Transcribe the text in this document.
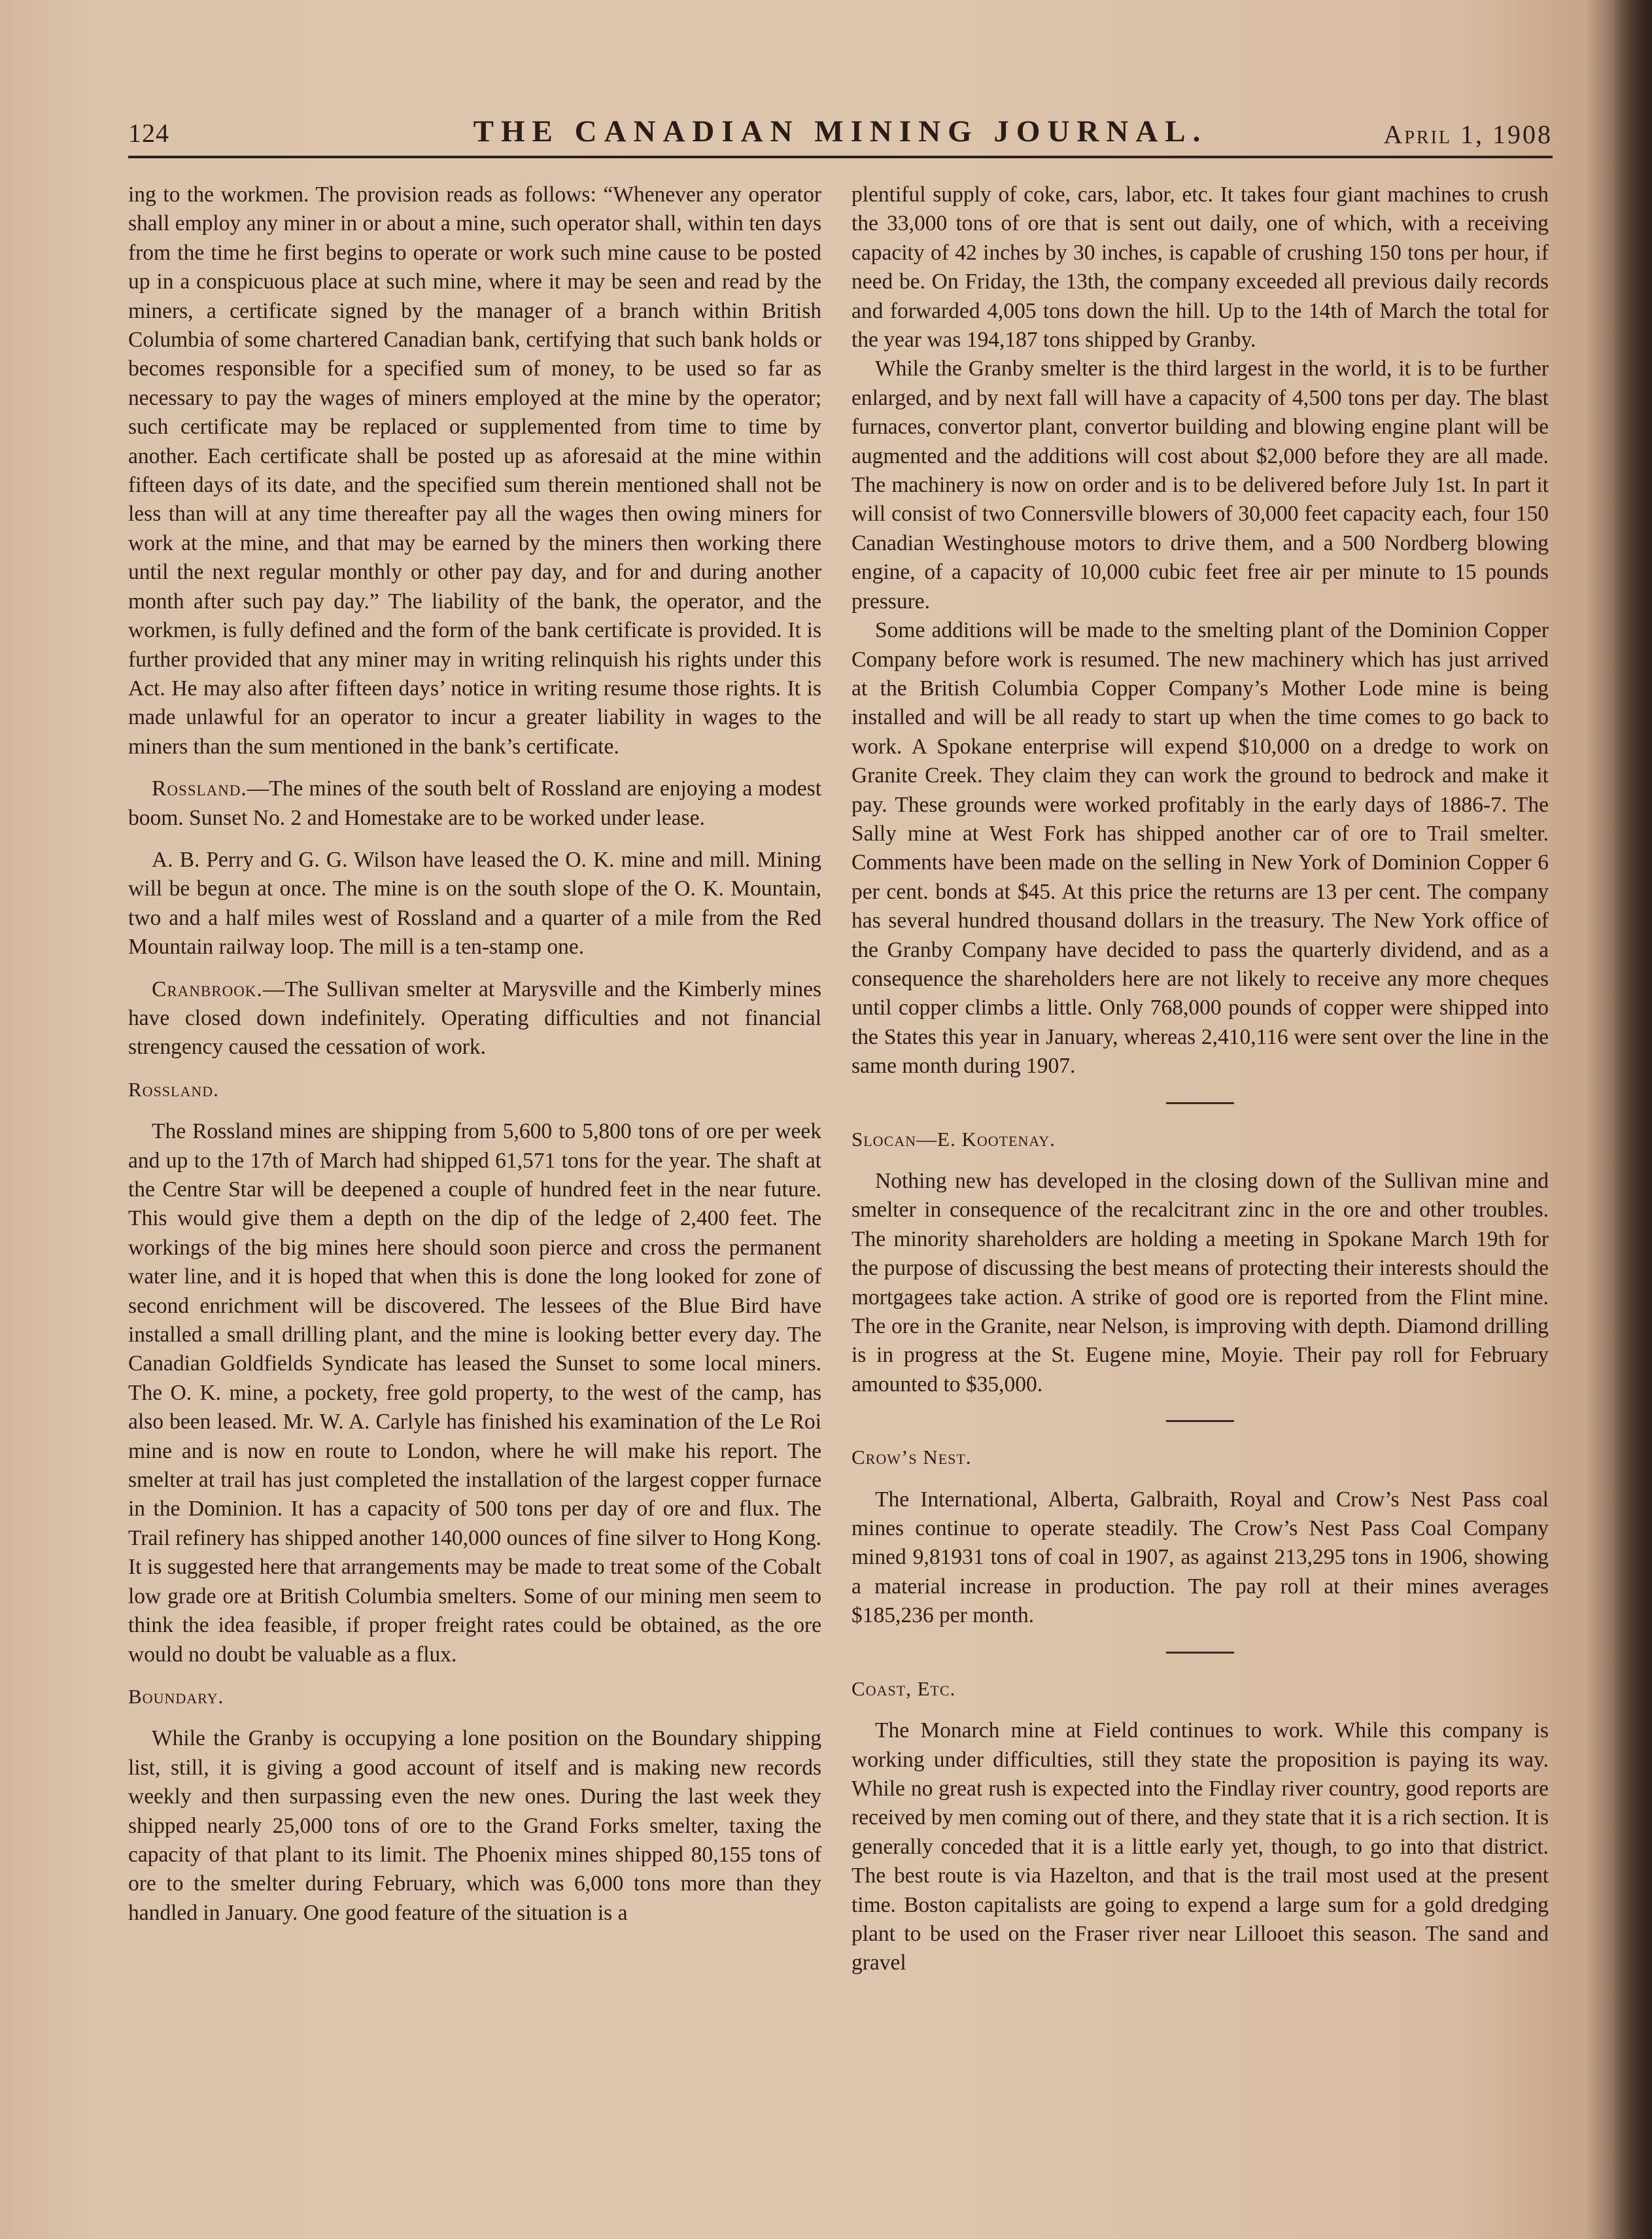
124	THE CANADIAN MINING JOURNAL.	April 1, 1908

ing to the workmen. The provision reads as follows: “Whenever any operator shall employ any miner in or about a mine, such operator shall, within ten days from the time he first begins to operate or work such mine cause to be posted up in a conspicuous place at such mine, where it may be seen and read by the miners, a certificate signed by the manager of a branch within British Columbia of some chartered Canadian bank, certifying that such bank holds or becomes responsible for a specified sum of money, to be used so far as necessary to pay the wages of miners employed at the mine by the operator; such certificate may be replaced or supplemented from time to time by another. Each certificate shall be posted up as aforesaid at the mine within fifteen days of its date, and the specified sum therein mentioned shall not be less than will at any time thereafter pay all the wages then owing miners for work at the mine, and that may be earned by the miners then working there until the next regular monthly or other pay day, and for and during another month after such pay day.” The liability of the bank, the operator, and the workmen, is fully defined and the form of the bank certificate is provided. It is further provided that any miner may in writing relinquish his rights under this Act. He may also after fifteen days’ notice in writing resume those rights. It is made unlawful for an operator to incur a greater liability in wages to the miners than the sum mentioned in the bank’s certificate.

Rossland.—The mines of the south belt of Rossland are enjoying a modest boom. Sunset No. 2 and Homestake are to be worked under lease.

A. B. Perry and G. G. Wilson have leased the O. K. mine and mill. Mining will be begun at once. The mine is on the south slope of the O. K. Mountain, two and a half miles west of Rossland and a quarter of a mile from the Red Mountain railway loop. The mill is a ten-stamp one.

Cranbrook.—The Sullivan smelter at Marysville and the Kimberly mines have closed down indefinitely. Operating difficulties and not financial strengency caused the cessation of work.

Rossland.

The Rossland mines are shipping from 5,600 to 5,800 tons of ore per week and up to the 17th of March had shipped 61,571 tons for the year. The shaft at the Centre Star will be deepened a couple of hundred feet in the near future. This would give them a depth on the dip of the ledge of 2,400 feet. The workings of the big mines here should soon pierce and cross the permanent water line, and it is hoped that when this is done the long looked for zone of second enrichment will be discovered. The lessees of the Blue Bird have installed a small drilling plant, and the mine is looking better every day. The Canadian Goldfields Syndicate has leased the Sunset to some local miners. The O. K. mine, a pockety, free gold property, to the west of the camp, has also been leased. Mr. W. A. Carlyle has finished his examination of the Le Roi mine and is now en route to London, where he will make his report. The smelter at trail has just completed the installation of the largest copper furnace in the Dominion. It has a capacity of 500 tons per day of ore and flux. The Trail refinery has shipped another 140,000 ounces of fine silver to Hong Kong. It is suggested here that arrangements may be made to treat some of the Cobalt low grade ore at British Columbia smelters. Some of our mining men seem to think the idea feasible, if proper freight rates could be obtained, as the ore would no doubt be valuable as a flux.

Boundary.

While the Granby is occupying a lone position on the Boundary shipping list, still, it is giving a good account of itself and is making new records weekly and then surpassing even the new ones. During the last week they shipped nearly 25,000 tons of ore to the Grand Forks smelter, taxing the capacity of that plant to its limit. The Phoenix mines shipped 80,155 tons of ore to the smelter during February, which was 6,000 tons more than they handled in January. One good feature of the situation is a

plentiful supply of coke, cars, labor, etc. It takes four giant machines to crush the 33,000 tons of ore that is sent out daily, one of which, with a receiving capacity of 42 inches by 30 inches, is capable of crushing 150 tons per hour, if need be. On Friday, the 13th, the company exceeded all previous daily records and forwarded 4,005 tons down the hill. Up to the 14th of March the total for the year was 194,187 tons shipped by Granby.

While the Granby smelter is the third largest in the world, it is to be further enlarged, and by next fall will have a capacity of 4,500 tons per day. The blast furnaces, convertor plant, convertor building and blowing engine plant will be augmented and the additions will cost about $2,000 before they are all made. The machinery is now on order and is to be delivered before July 1st. In part it will consist of two Connersville blowers of 30,000 feet capacity each, four 150 Canadian Westinghouse motors to drive them, and a 500 Nordberg blowing engine, of a capacity of 10,000 cubic feet free air per minute to 15 pounds pressure.

Some additions will be made to the smelting plant of the Dominion Copper Company before work is resumed. The new machinery which has just arrived at the British Columbia Copper Company’s Mother Lode mine is being installed and will be all ready to start up when the time comes to go back to work. A Spokane enterprise will expend $10,000 on a dredge to work on Granite Creek. They claim they can work the ground to bedrock and make it pay. These grounds were worked profitably in the early days of 1886-7. The Sally mine at West Fork has shipped another car of ore to Trail smelter. Comments have been made on the selling in New York of Dominion Copper 6 per cent. bonds at $45. At this price the returns are 13 per cent. The company has several hundred thousand dollars in the treasury. The New York office of the Granby Company have decided to pass the quarterly dividend, and as a consequence the shareholders here are not likely to receive any more cheques until copper climbs a little. Only 768,000 pounds of copper were shipped into the States this year in January, whereas 2,410,116 were sent over the line in the same month during 1907.

Slocan—E. Kootenay.

Nothing new has developed in the closing down of the Sullivan mine and smelter in consequence of the recalcitrant zinc in the ore and other troubles. The minority shareholders are holding a meeting in Spokane March 19th for the purpose of discussing the best means of protecting their interests should the mortgagees take action. A strike of good ore is reported from the Flint mine. The ore in the Granite, near Nelson, is improving with depth. Diamond drilling is in progress at the St. Eugene mine, Moyie. Their pay roll for February amounted to $35,000.

Crow’s Nest.

The International, Alberta, Galbraith, Royal and Crow’s Nest Pass coal mines continue to operate steadily. The Crow’s Nest Pass Coal Company mined 9,81931 tons of coal in 1907, as against 213,295 tons in 1906, showing a material increase in production. The pay roll at their mines averages $185,236 per month.

Coast, Etc.

The Monarch mine at Field continues to work. While this company is working under difficulties, still they state the proposition is paying its way. While no great rush is expected into the Findlay river country, good reports are received by men coming out of there, and they state that it is a rich section. It is generally conceded that it is a little early yet, though, to go into that district. The best route is via Hazelton, and that is the trail most used at the present time. Boston capitalists are going to expend a large sum for a gold dredging plant to be used on the Fraser river near Lillooet this season. The sand and gravel
